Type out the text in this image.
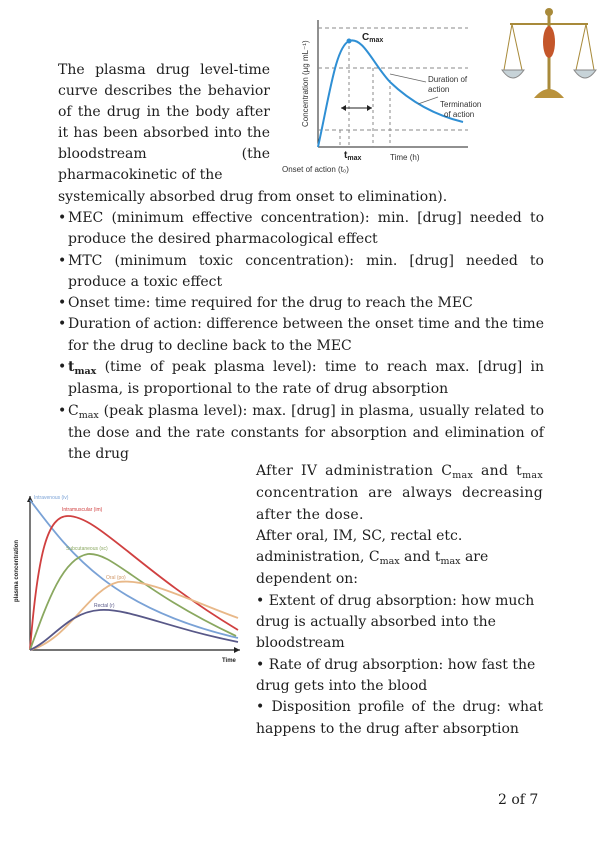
The plasma drug level-time curve describes the behavior of the drug in the body after it has been absorbed into the bloodstream (the pharmacokinetic of the

systemically absorbed drug from onset to elimination).

$C_{max}$
$t_{max}$	Time (h)
Onset of action (t₀)
Concentration (µg mL⁻¹)	Duration of action
Termination of action
• MEC (minimum effective concentration): min. [drug] needed to produce the desired pharmacological effect
• MTC (minimum toxic concentration): min. [drug] needed to produce a toxic effect
• Onset time: time required for the drug to reach the MEC
• Duration of action: difference between the onset time and the time for the drug to decline back to the MEC
• $t_{max}$ (time of peak plasma level): time to reach max. [drug] in plasma, is proportional to the rate of drug absorption
• $C_{max}$ (peak plasma level): max. [drug] in plasma, usually related to the dose and the rate constants for absorption and elimination of the drug
Intravenous (iv)
Intramuscular (im)
Subcutaneous (sc)
Oral (po)
Rectal (r)
plasma concentration
Time

After IV administration $C_{max}$ and $t_{max}$ concentration are always decreasing after the dose.

After oral, IM, SC, rectal etc. administration, $C_{max}$ and $t_{max}$ are dependent on:

• Extent of drug absorption: how much drug is actually absorbed into the bloodstream

• Rate of drug absorption: how fast the drug gets into the blood

• Disposition profile of the drug: what happens to the drug after absorption

2 of 7
